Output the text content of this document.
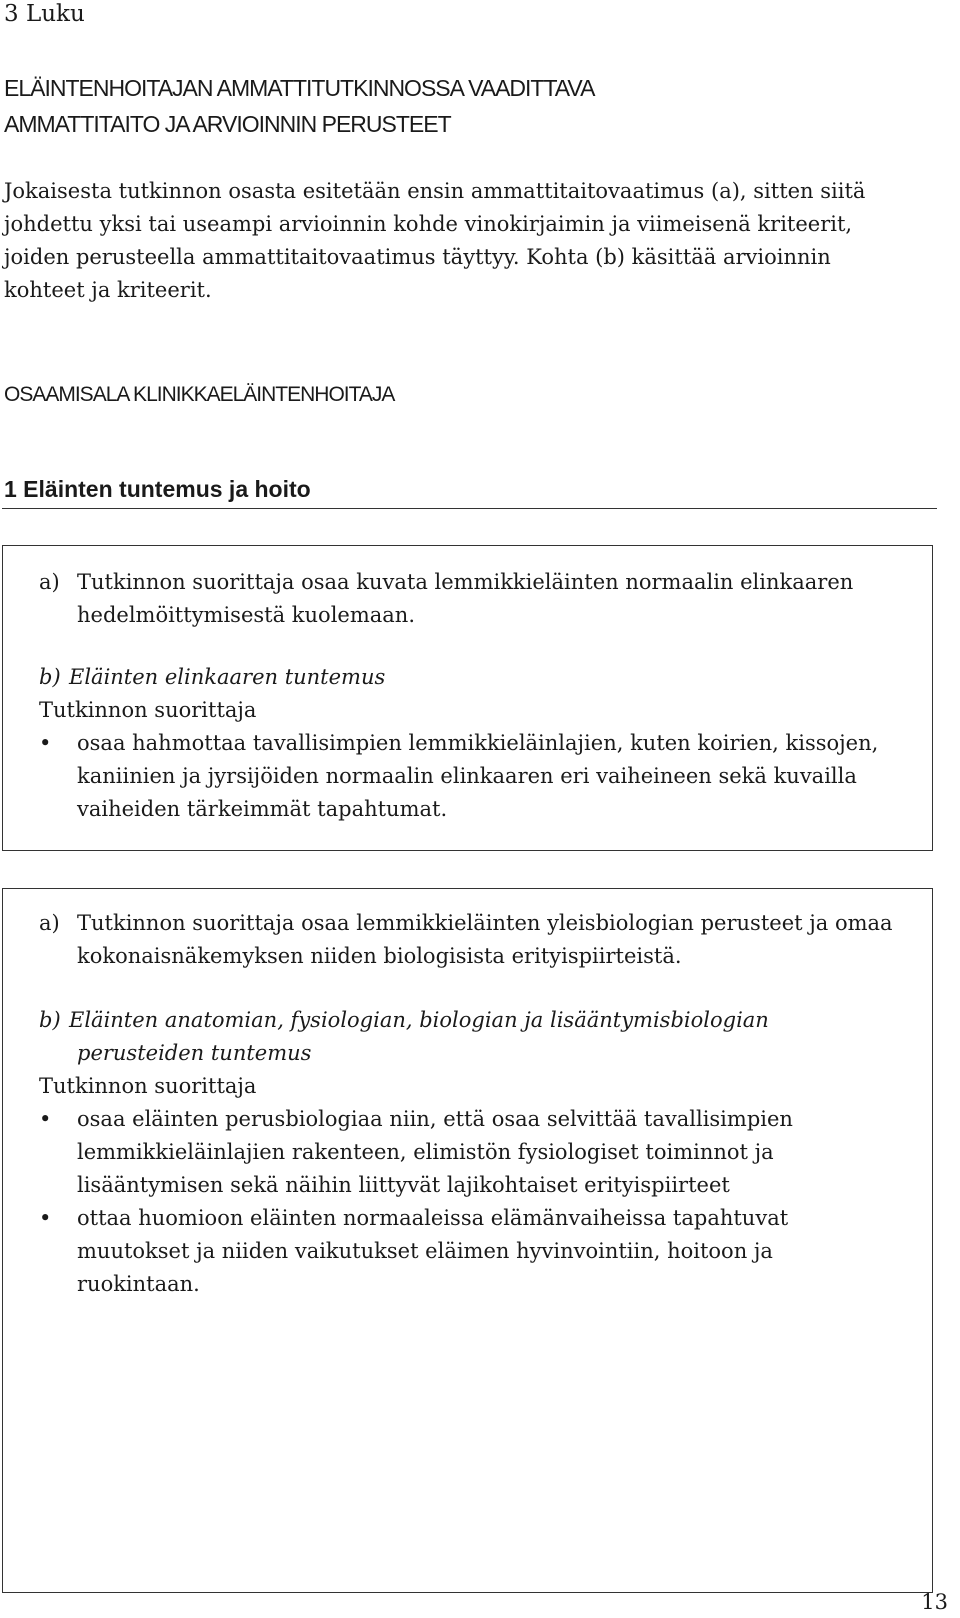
3 Luku
ELÄINTENHOITAJAN AMMATTITUTKINNOSSA VAADITTAVA
AMMATTITAITO JA ARVIOINNIN PERUSTEET
Jokaisesta tutkinnon osasta esitetään ensin ammattitaitovaatimus (a), sitten siitä
johdettu yksi tai useampi arvioinnin kohde vinokirjaimin ja viimeisenä kriteerit,
joiden perusteella ammattitaitovaatimus täyttyy. Kohta (b) käsittää arvioinnin
kohteet ja kriteerit.
OSAAMISALA KLINIKKAELÄINTENHOITAJA
1 Eläinten tuntemus ja hoito
a) Tutkinnon suorittaja osaa kuvata lemmikkieläinten normaalin elinkaaren
hedelmöittymisestä kuolemaan.
b) Eläinten elinkaaren tuntemus
Tutkinnon suorittaja
•	osaa hahmottaa tavallisimpien lemmikkieläinlajien, kuten koirien, kissojen,
kaniinien ja jyrsijöiden normaalin elinkaaren eri vaiheineen sekä kuvailla
vaiheiden tärkeimmät tapahtumat.
a) Tutkinnon suorittaja osaa lemmikkieläinten yleisbiologian perusteet ja omaa
kokonaisnäkemyksen niiden biologisista erityispiirteistä.
b) Eläinten anatomian, fysiologian, biologian ja lisääntymisbiologian
perusteiden tuntemus
Tutkinnon suorittaja
•	osaa eläinten perusbiologiaa niin, että osaa selvittää tavallisimpien
lemmikkieläinlajien rakenteen, elimistön fysiologiset toiminnot ja
lisääntymisen sekä näihin liittyvät lajikohtaiset erityispiirteet
•	ottaa huomioon eläinten normaaleissa elämänvaiheissa tapahtuvat
muutokset ja niiden vaikutukset eläimen hyvinvointiin, hoitoon ja
ruokintaan.
13
